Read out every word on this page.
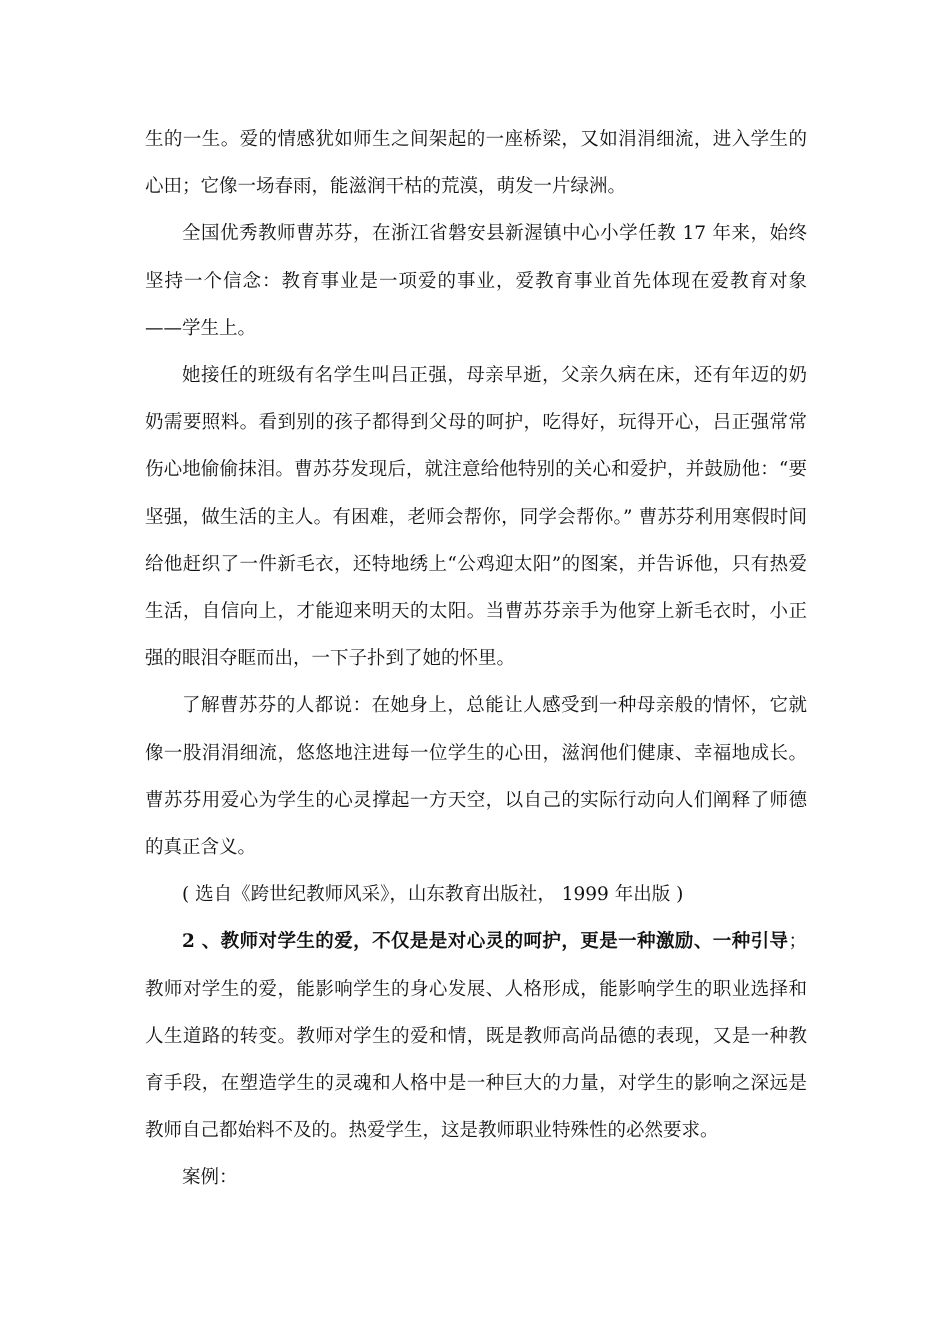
生的一生。爱的情感犹如师生之间架起的一座桥梁，又如涓涓细流，进入学生的心田；它像一场春雨，能滋润干枯的荒漠，萌发一片绿洲。

全国优秀教师曹苏芬，在浙江省磐安县新渥镇中心小学任教 17 年来，始终坚持一个信念：教育事业是一项爱的事业，爱教育事业首先体现在爱教育对象——学生上。

她接任的班级有名学生叫吕正强，母亲早逝，父亲久病在床，还有年迈的奶奶需要照料。看到别的孩子都得到父母的呵护，吃得好，玩得开心，吕正强常常伤心地偷偷抹泪。曹苏芬发现后，就注意给他特别的关心和爱护，并鼓励他：“要坚强，做生活的主人。有困难，老师会帮你，同学会帮你。” 曹苏芬利用寒假时间给他赶织了一件新毛衣，还特地绣上“公鸡迎太阳”的图案，并告诉他，只有热爱生活，自信向上，才能迎来明天的太阳。当曹苏芬亲手为他穿上新毛衣时，小正强的眼泪夺眶而出，一下子扑到了她的怀里。

了解曹苏芬的人都说：在她身上，总能让人感受到一种母亲般的情怀，它就像一股涓涓细流，悠悠地注进每一位学生的心田，滋润他们健康、幸福地成长。曹苏芬用爱心为学生的心灵撑起一方天空，以自己的实际行动向人们阐释了师德的真正含义。

( 选自《跨世纪教师风采》，山东教育出版社， 1999 年出版 )

2 、教师对学生的爱，不仅是是对心灵的呵护，更是一种激励、一种引导；教师对学生的爱，能影响学生的身心发展、人格形成，能影响学生的职业选择和人生道路的转变。教师对学生的爱和情，既是教师高尚品德的表现，又是一种教育手段，在塑造学生的灵魂和人格中是一种巨大的力量，对学生的影响之深远是教师自己都始料不及的。热爱学生，这是教师职业特殊性的必然要求。

案例：
